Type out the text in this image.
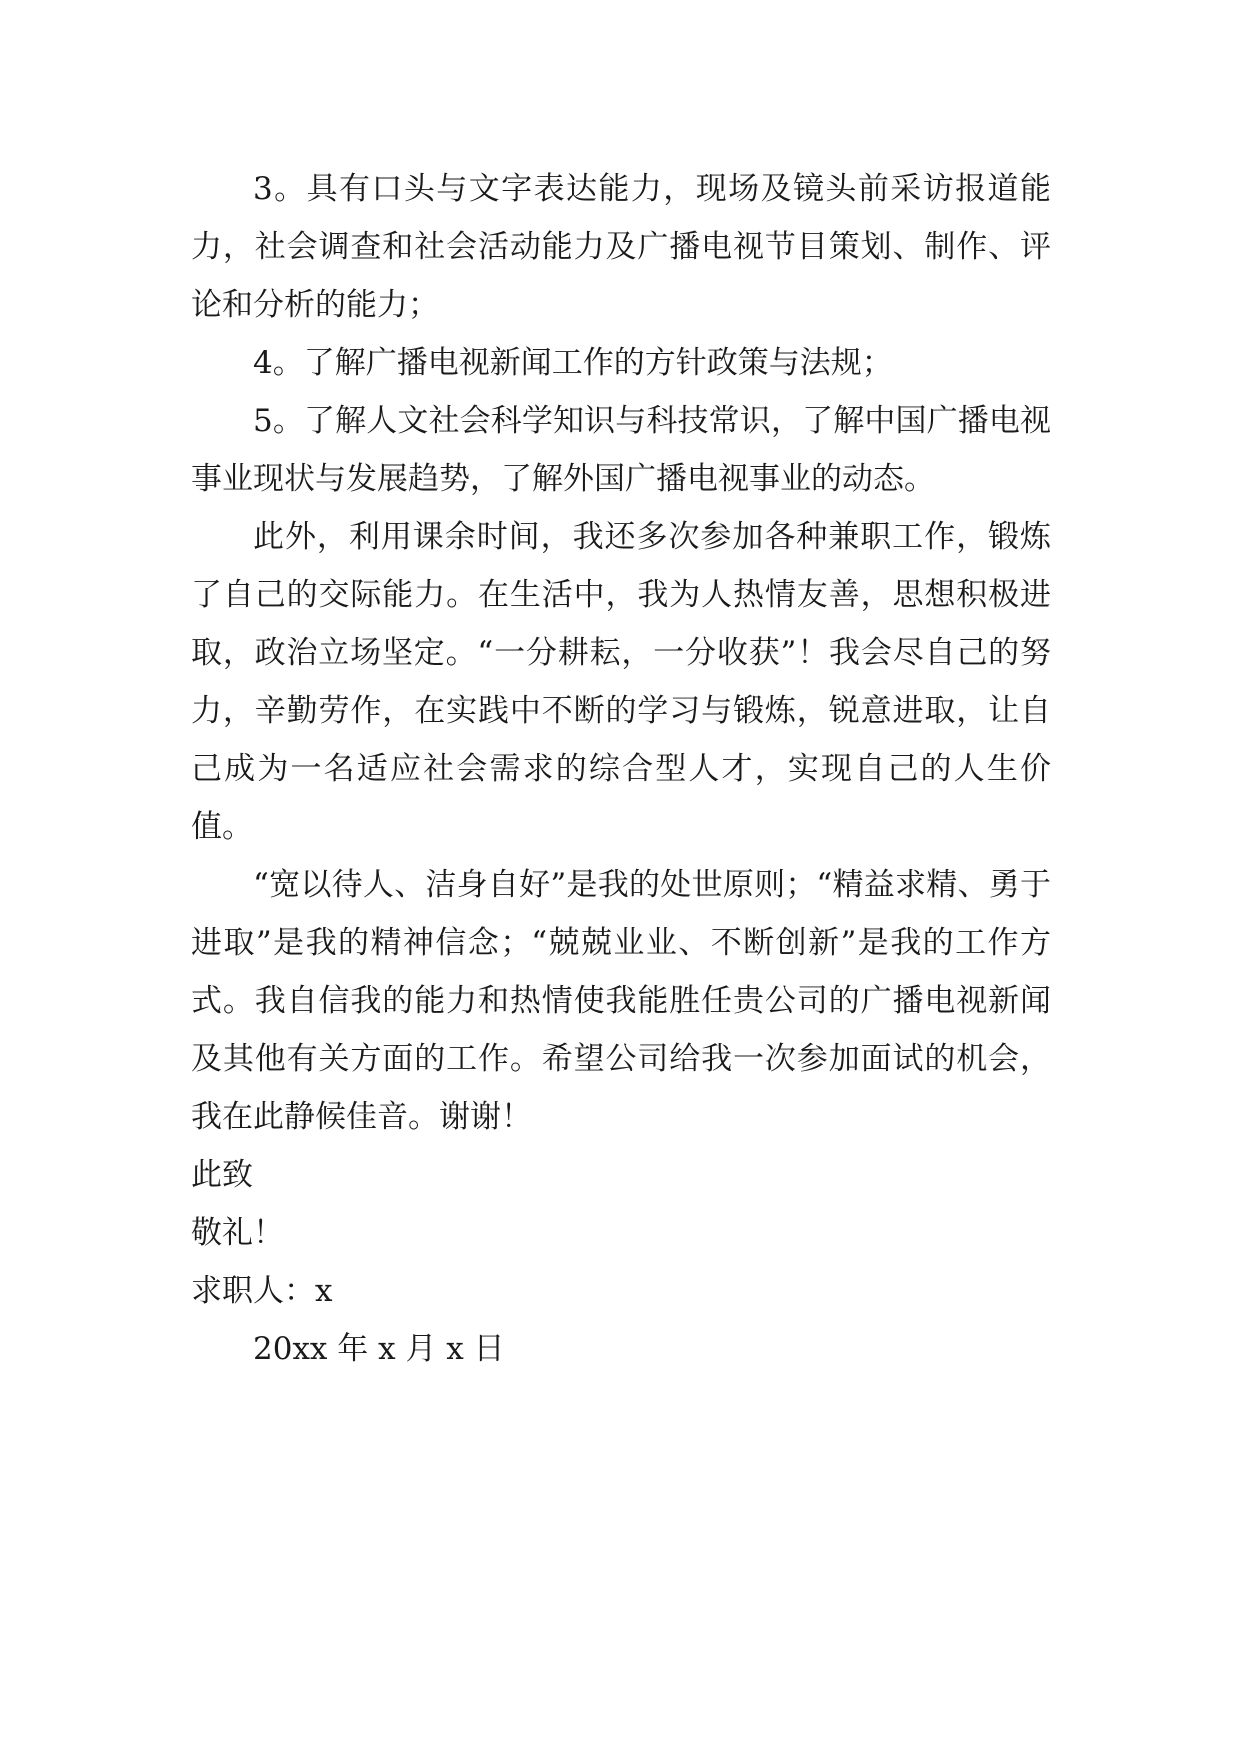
3。具有口头与文字表达能力，现场及镜头前采访报道能力，社会调查和社会活动能力及广播电视节目策划、制作、评论和分析的能力；

4。了解广播电视新闻工作的方针政策与法规；

5。了解人文社会科学知识与科技常识，了解中国广播电视事业现状与发展趋势，了解外国广播电视事业的动态。

此外，利用课余时间，我还多次参加各种兼职工作，锻炼了自己的交际能力。在生活中，我为人热情友善，思想积极进取，政治立场坚定。“一分耕耘，一分收获”！我会尽自己的努力，辛勤劳作，在实践中不断的学习与锻炼，锐意进取，让自己成为一名适应社会需求的综合型人才，实现自己的人生价值。

“宽以待人、洁身自好”是我的处世原则；“精益求精、勇于进取”是我的精神信念；“兢兢业业、不断创新”是我的工作方式。我自信我的能力和热情使我能胜任贵公司的广播电视新闻及其他有关方面的工作。希望公司给我一次参加面试的机会，我在此静候佳音。谢谢！

此致

敬礼！

求职人：x

20xx 年 x 月 x 日
